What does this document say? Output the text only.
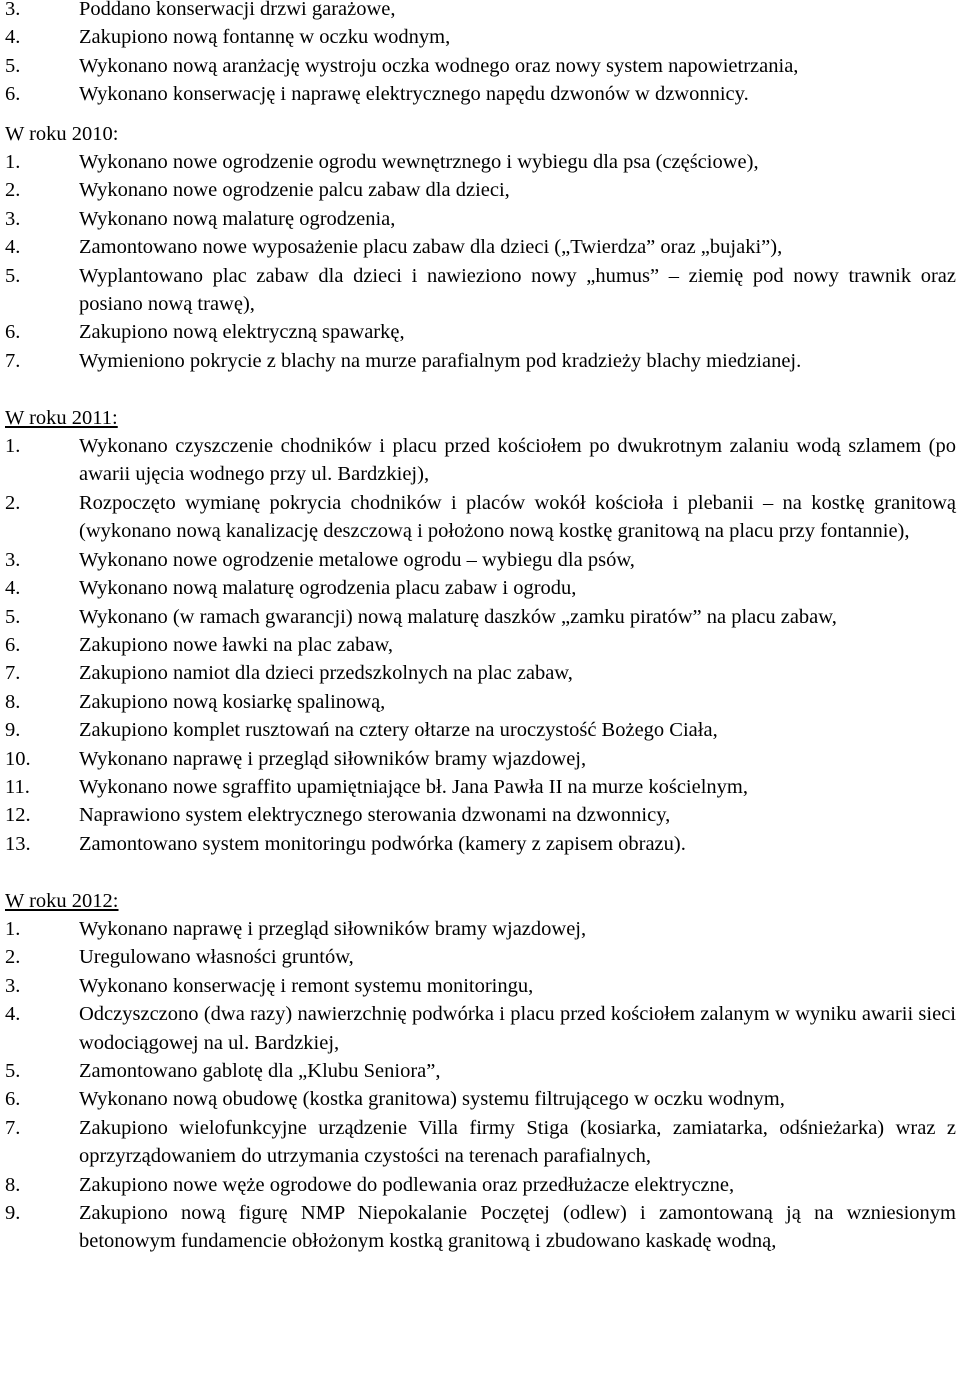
3.	Poddano konserwacji drzwi garażowe,
4.	Zakupiono nową fontannę w oczku wodnym,
5.	Wykonano nową aranżację wystroju oczka wodnego oraz nowy system napowietrzania,
6.	Wykonano konserwację i naprawę elektrycznego napędu dzwonów w dzwonnicy.
W roku 2010:
1.	Wykonano nowe ogrodzenie ogrodu wewnętrznego i wybiegu dla psa (częściowe),
2.	Wykonano nowe ogrodzenie palcu zabaw dla dzieci,
3.	Wykonano nową malaturę ogrodzenia,
4.	Zamontowano nowe wyposażenie placu zabaw dla dzieci („Twierdza” oraz „bujaki”),
5.	Wyplantowano plac zabaw dla dzieci i nawieziono nowy „humus” – ziemię pod nowy trawnik oraz posiano nową trawę),
6.	Zakupiono nową elektryczną spawarkę,
7.	Wymieniono pokrycie z blachy na murze parafialnym pod kradzieży blachy miedzianej.
W roku 2011:
1.	Wykonano czyszczenie chodników i placu przed kościołem po dwukrotnym zalaniu wodą szlamem (po awarii ujęcia wodnego przy ul. Bardzkiej),
2.	Rozpoczęto wymianę pokrycia chodników i placów wokół kościoła i plebanii – na kostkę granitową (wykonano nową kanalizację deszczową i położono nową kostkę granitową na placu przy fontannie),
3.	Wykonano nowe ogrodzenie metalowe ogrodu – wybiegu dla psów,
4.	Wykonano nową malaturę ogrodzenia placu zabaw i ogrodu,
5.	Wykonano (w ramach gwarancji) nową malaturę daszków „zamku piratów” na placu zabaw,
6.	Zakupiono nowe ławki na plac zabaw,
7.	Zakupiono namiot dla dzieci przedszkolnych na plac zabaw,
8.	Zakupiono nową kosiarkę spalinową,
9.	Zakupiono komplet rusztowań na cztery ołtarze na uroczystość Bożego Ciała,
10.	Wykonano naprawę i przegląd siłowników bramy wjazdowej,
11.	Wykonano nowe sgraffito upamiętniające bł. Jana Pawła II na murze kościelnym,
12.	Naprawiono system elektrycznego sterowania dzwonami na dzwonnicy,
13.	Zamontowano system monitoringu podwórka (kamery z zapisem obrazu).
W roku 2012:
1.	Wykonano naprawę i przegląd siłowników bramy wjazdowej,
2.	Uregulowano własności gruntów,
3.	Wykonano konserwację i remont systemu monitoringu,
4.	Odczyszczono (dwa razy) nawierzchnię podwórka i placu przed kościołem zalanym w wyniku awarii sieci wodociągowej na ul. Bardzkiej,
5.	Zamontowano gablotę dla „Klubu Seniora”,
6.	Wykonano nową obudowę (kostka granitowa) systemu filtrującego w oczku wodnym,
7.	Zakupiono wielofunkcyjne urządzenie Villa firmy Stiga (kosiarka, zamiatarka, odśnieżarka) wraz z oprzyrządowaniem do utrzymania czystości na terenach parafialnych,
8.	Zakupiono nowe węże ogrodowe do podlewania oraz przedłużacze elektryczne,
9.	Zakupiono nową figurę NMP Niepokalanie Poczętej (odlew) i zamontowaną ją na wzniesionym betonowym fundamencie obłożonym kostką granitową i zbudowano kaskadę wodną,
